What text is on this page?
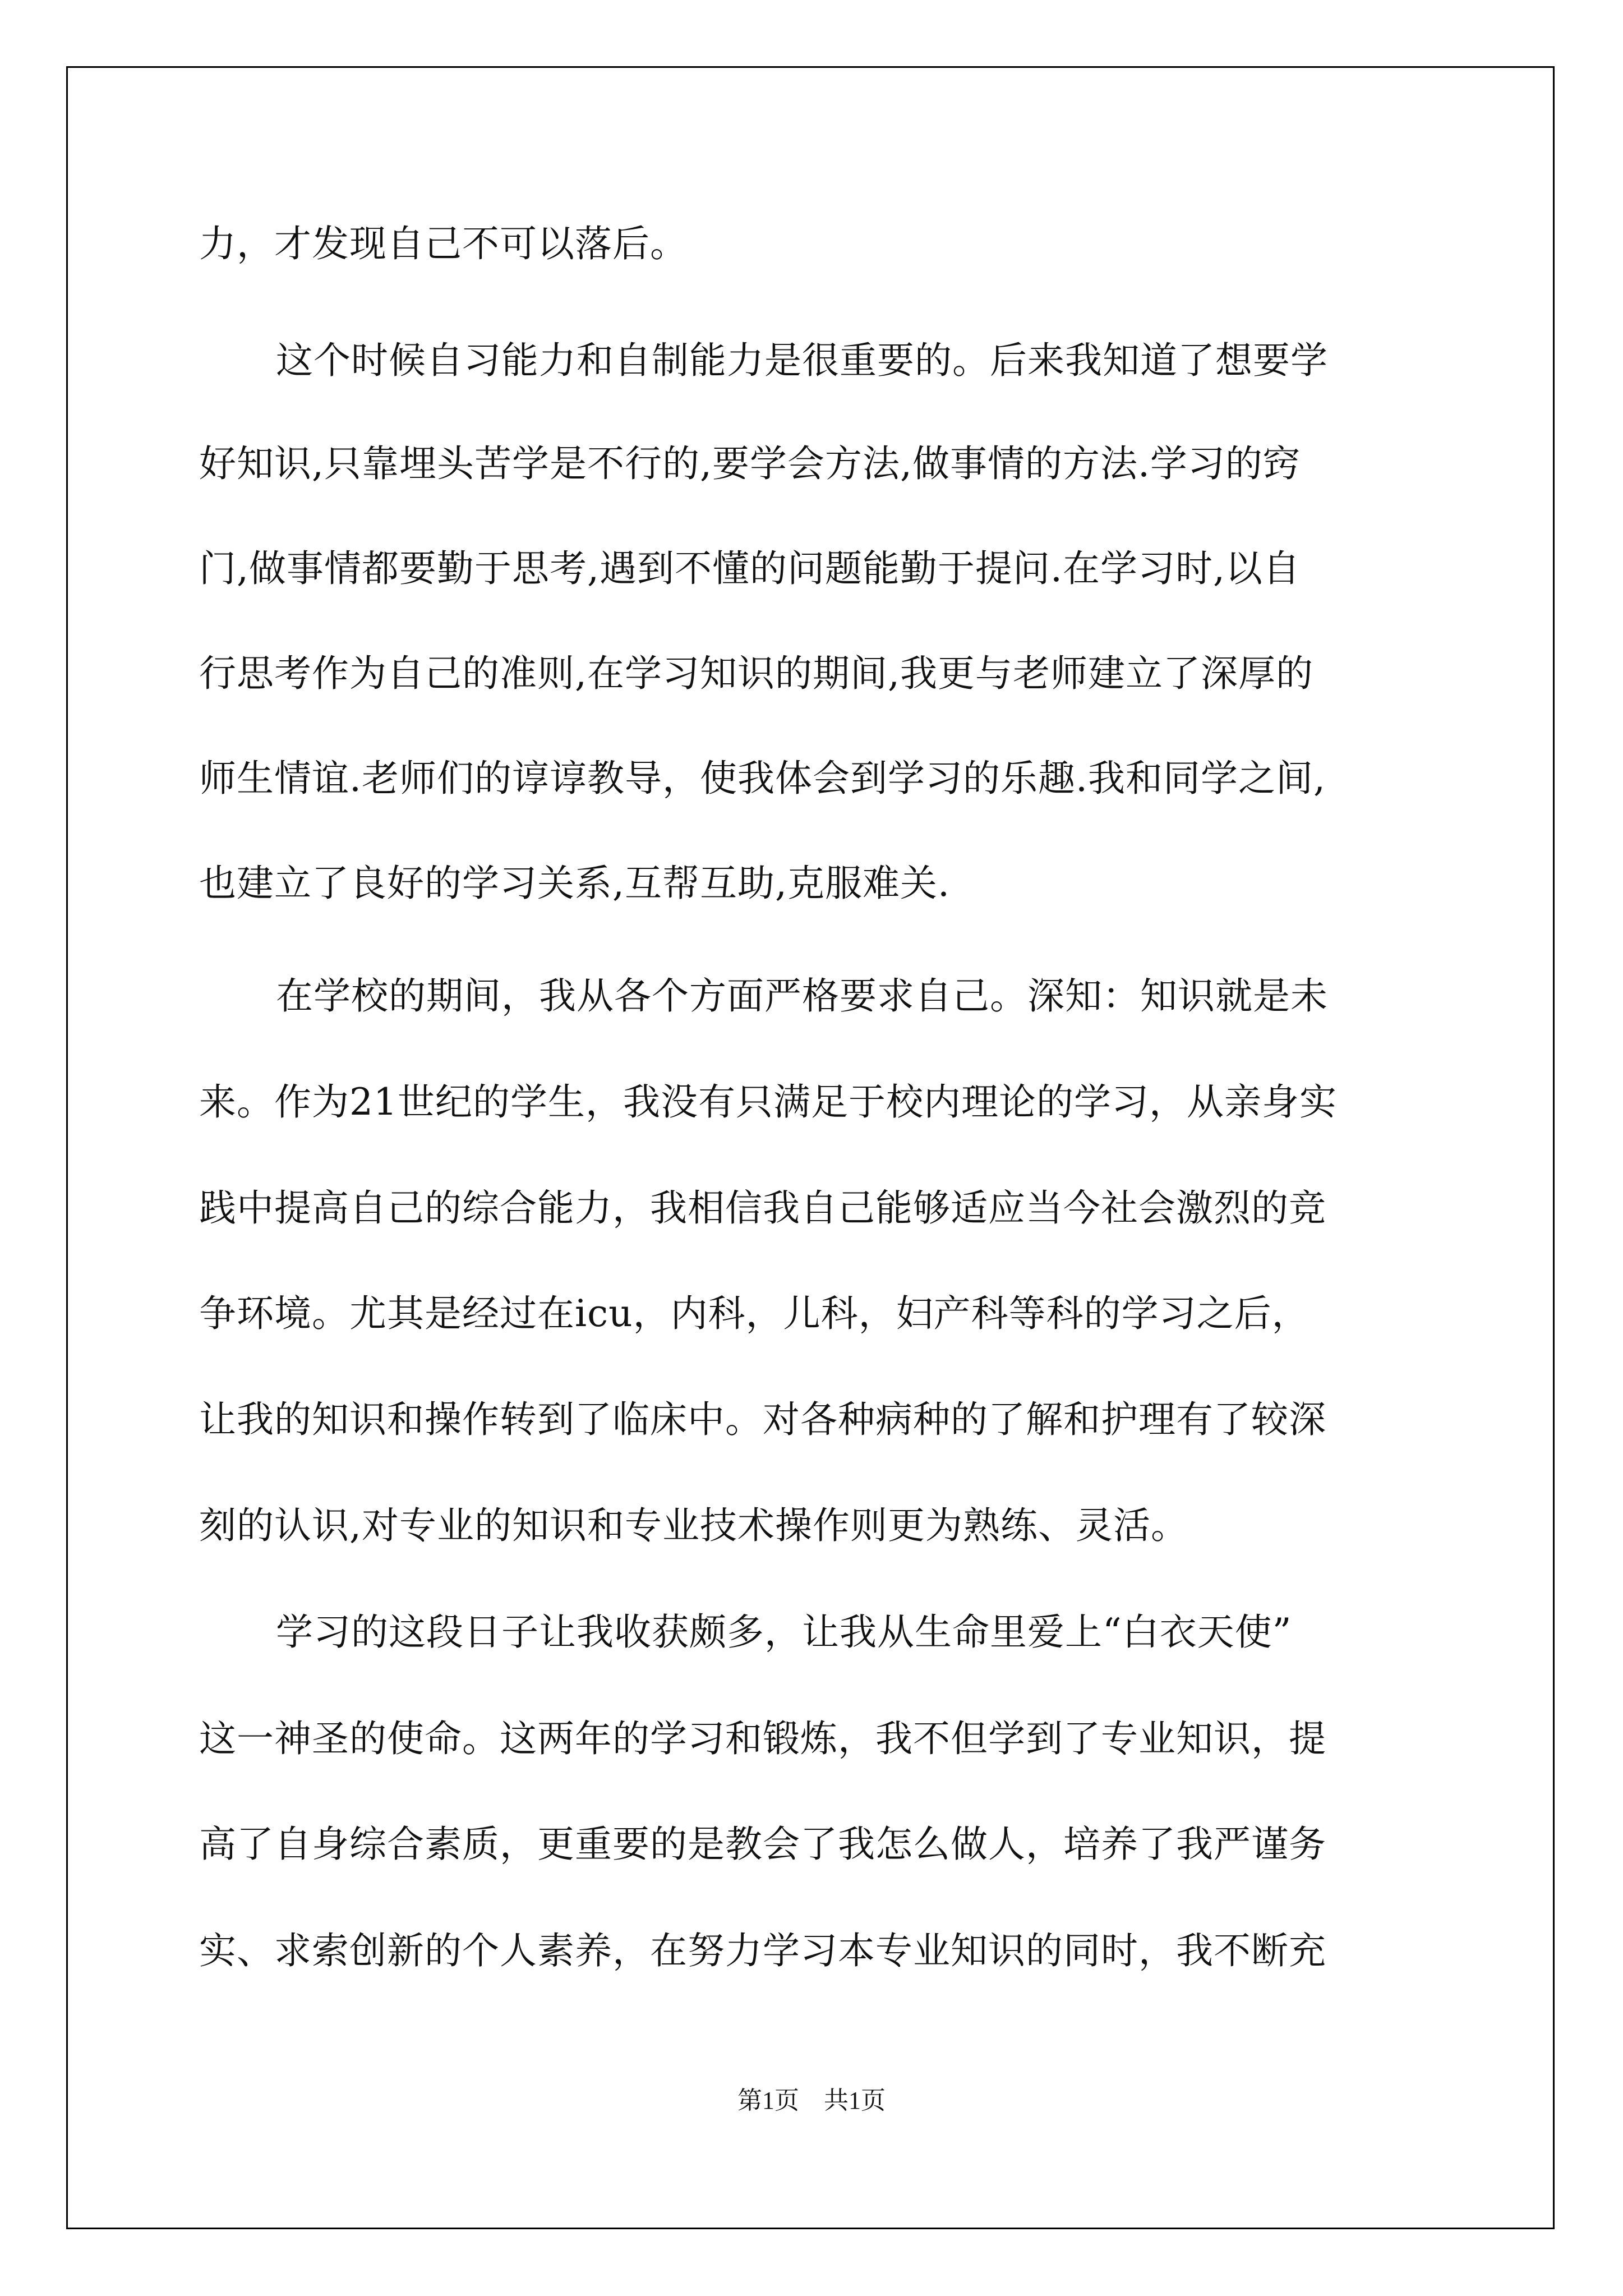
力，才发现自己不可以落后。

这个时候自习能力和自制能力是很重要的。后来我知道了想要学

好知识,只靠埋头苦学是不行的,要学会方法,做事情的方法.学习的窍

门,做事情都要勤于思考,遇到不懂的问题能勤于提问.在学习时,以自

行思考作为自己的准则,在学习知识的期间,我更与老师建立了深厚的

师生情谊.老师们的谆谆教导，使我体会到学习的乐趣.我和同学之间,

也建立了良好的学习关系,互帮互助,克服难关.

在学校的期间，我从各个方面严格要求自己。深知：知识就是未

来。作为21世纪的学生，我没有只满足于校内理论的学习，从亲身实

践中提高自己的综合能力，我相信我自己能够适应当今社会激烈的竞

争环境。尤其是经过在icu，内科，儿科，妇产科等科的学习之后，

让我的知识和操作转到了临床中。对各种病种的了解和护理有了较深

刻的认识,对专业的知识和专业技术操作则更为熟练、灵活。

学习的这段日子让我收获颇多，让我从生命里爱上“白衣天使”

这一神圣的使命。这两年的学习和锻炼，我不但学到了专业知识，提

高了自身综合素质，更重要的是教会了我怎么做人，培养了我严谨务

实、求索创新的个人素养，在努力学习本专业知识的同时，我不断充

第1页　共1页
